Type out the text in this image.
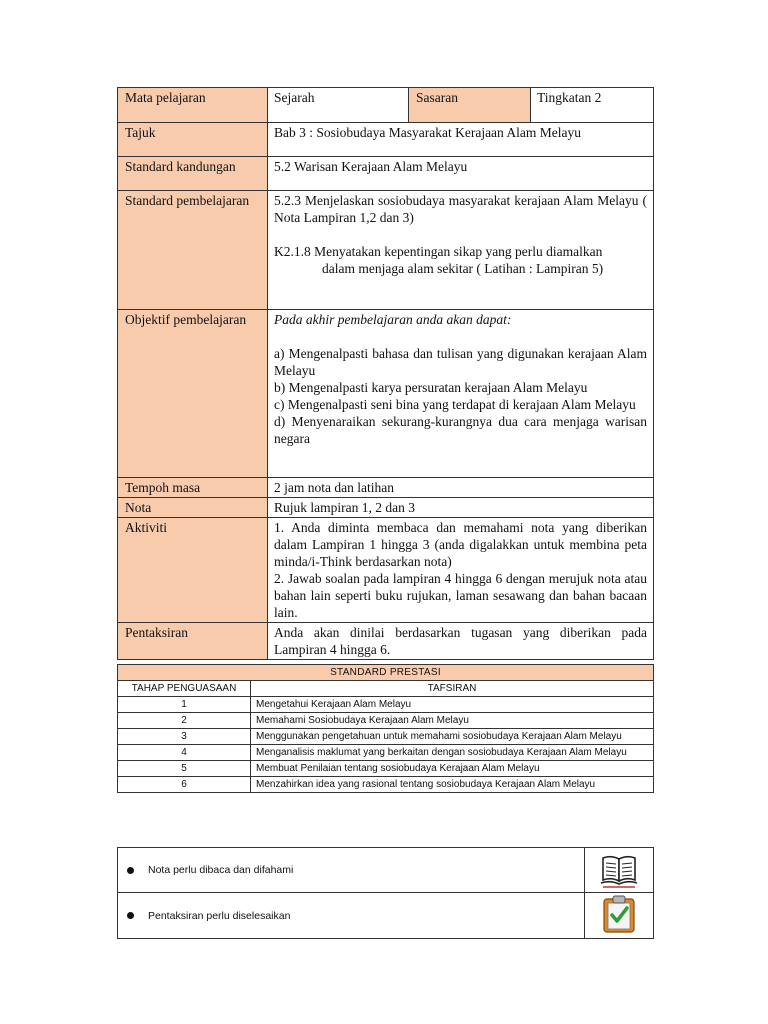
Mata pelajaran	Sejarah	Sasaran	Tingkatan 2
Tajuk	Bab 3 : Sosiobudaya Masyarakat Kerajaan Alam Melayu		
Standard kandungan	5.2 Warisan Kerajaan Alam Melayu		
Standard pembelajaran	5.2.3 Menjelaskan sosiobudaya masyarakat kerajaan Alam Melayu ( Nota Lampiran 1,2 dan 3)
K2.1.8 Menyatakan kepentingan sikap yang perlu diamalkan
dalam menjaga alam sekitar ( Latihan : Lampiran 5)		

Objektif pembelajaran	Pada akhir pembelajaran anda akan dapat:
a) Mengenalpasti bahasa dan tulisan yang digunakan kerajaan Alam Melayu
b) Mengenalpasti karya persuratan kerajaan Alam Melayu
c) Mengenalpasti seni bina yang terdapat di kerajaan Alam Melayu
d) Menyenaraikan sekurang-kurangnya dua cara menjaga warisan negara		

Tempoh masa	2 jam nota dan latihan		
Nota	Rujuk lampiran 1, 2 dan 3		
Aktiviti	1. Anda diminta membaca dan memahami nota yang diberikan dalam Lampiran 1 hingga 3 (anda digalakkan untuk membina peta minda/i-Think berdasarkan nota)
2. Jawab soalan pada lampiran 4 hingga 6 dengan merujuk nota atau bahan lain seperti buku rujukan, laman sesawang dan bahan bacaan lain.		

Pentaksiran	Anda akan dinilai berdasarkan tugasan yang diberikan pada Lampiran 4 hingga 6.		
STANDARD PRESTASI	
TAHAP PENGUASAAN	TAFSIRAN
1	Mengetahui Kerajaan Alam Melayu
2	Memahami Sosiobudaya Kerajaan Alam Melayu
3	Menggunakan pengetahuan untuk memahami sosiobudaya Kerajaan Alam Melayu
4	Menganalisis maklumat yang berkaitan dengan sosiobudaya Kerajaan Alam Melayu
5	Membuat Penilaian tentang sosiobudaya Kerajaan Alam Melayu
6	Menzahirkan idea yang rasional tentang sosiobudaya Kerajaan Alam Melayu
Nota perlu dibaca dan difahami	
Pentaksiran perlu diselesaikan	
